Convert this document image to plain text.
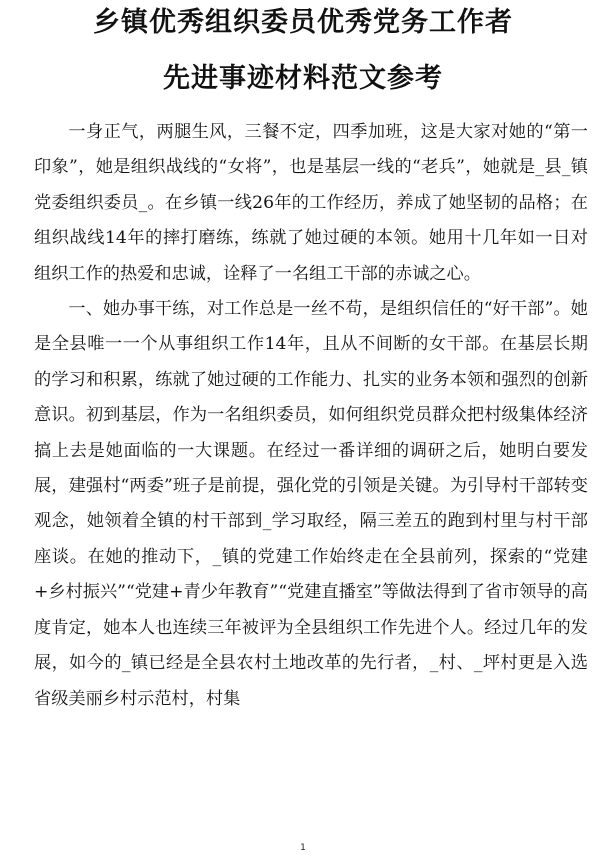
乡镇优秀组织委员优秀党务工作者
先进事迹材料范文参考

一身正气，两腿生风，三餐不定，四季加班，这是大家对她的“第一印象”，她是组织战线的“女将”，也是基层一线的“老兵”，她就是_县_镇党委组织委员_。在乡镇一线26年的工作经历，养成了她坚韧的品格；在组织战线14年的摔打磨练，练就了她过硬的本领。她用十几年如一日对组织工作的热爱和忠诚，诠释了一名组工干部的赤诚之心。

一、她办事干练，对工作总是一丝不苟，是组织信任的“好干部”。她是全县唯一一个从事组织工作14年，且从不间断的女干部。在基层长期的学习和积累，练就了她过硬的工作能力、扎实的业务本领和强烈的创新意识。初到基层，作为一名组织委员，如何组织党员群众把村级集体经济搞上去是她面临的一大课题。在经过一番详细的调研之后，她明白要发展，建强村“两委”班子是前提，强化党的引领是关键。为引导村干部转变观念，她领着全镇的村干部到_学习取经，隔三差五的跑到村里与村干部座谈。在她的推动下，_镇的党建工作始终走在全县前列，探索的“党建+乡村振兴”“党建+青少年教育”“党建直播室”等做法得到了省市领导的高度肯定，她本人也连续三年被评为全县组织工作先进个人。经过几年的发展，如今的_镇已经是全县农村土地改革的先行者，_村、_坪村更是入选省级美丽乡村示范村，村集

1
